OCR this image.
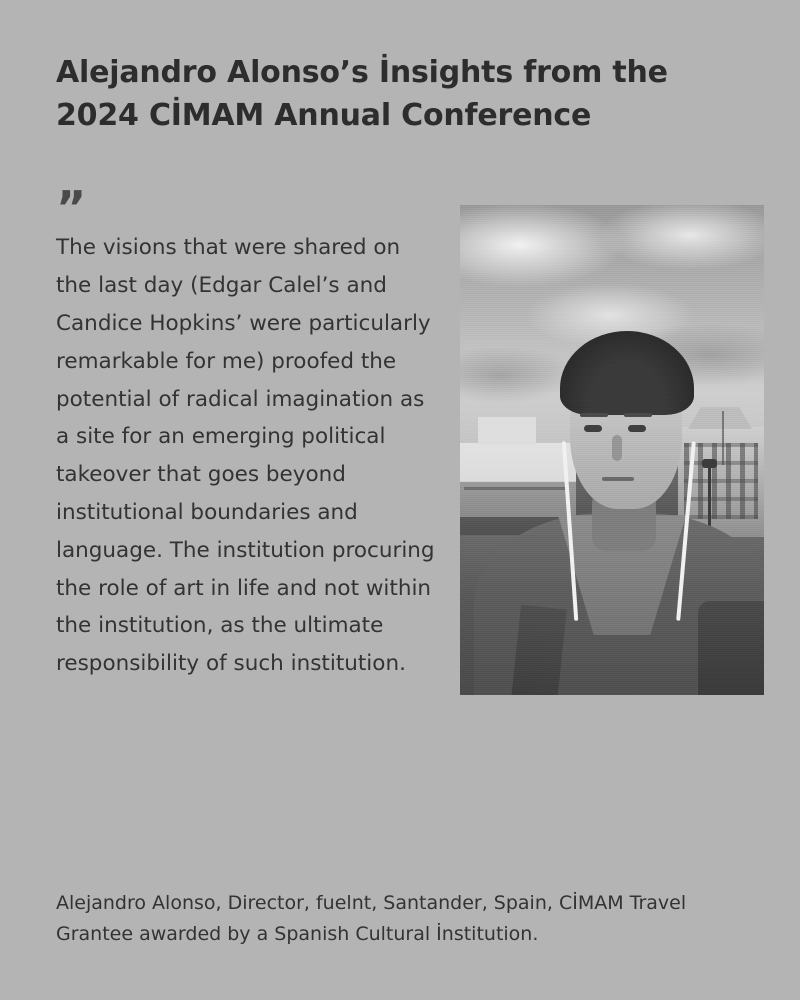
Alejandro Alonso’s İnsights from the 2024 CİMAM Annual Conference
”

The visions that were shared on the last day (Edgar Calel’s and Candice Hopkins’ were particularly remarkable for me) proofed the potential of radical imagination as a site for an emerging political takeover that goes beyond institutional boundaries and language. The institution procuring the role of art in life and not within the institution, as the ultimate responsibility of such institution.

Alejandro Alonso, Director, fuelnt, Santander, Spain, CİMAM Travel Grantee awarded by a Spanish Cultural İnstitution.
